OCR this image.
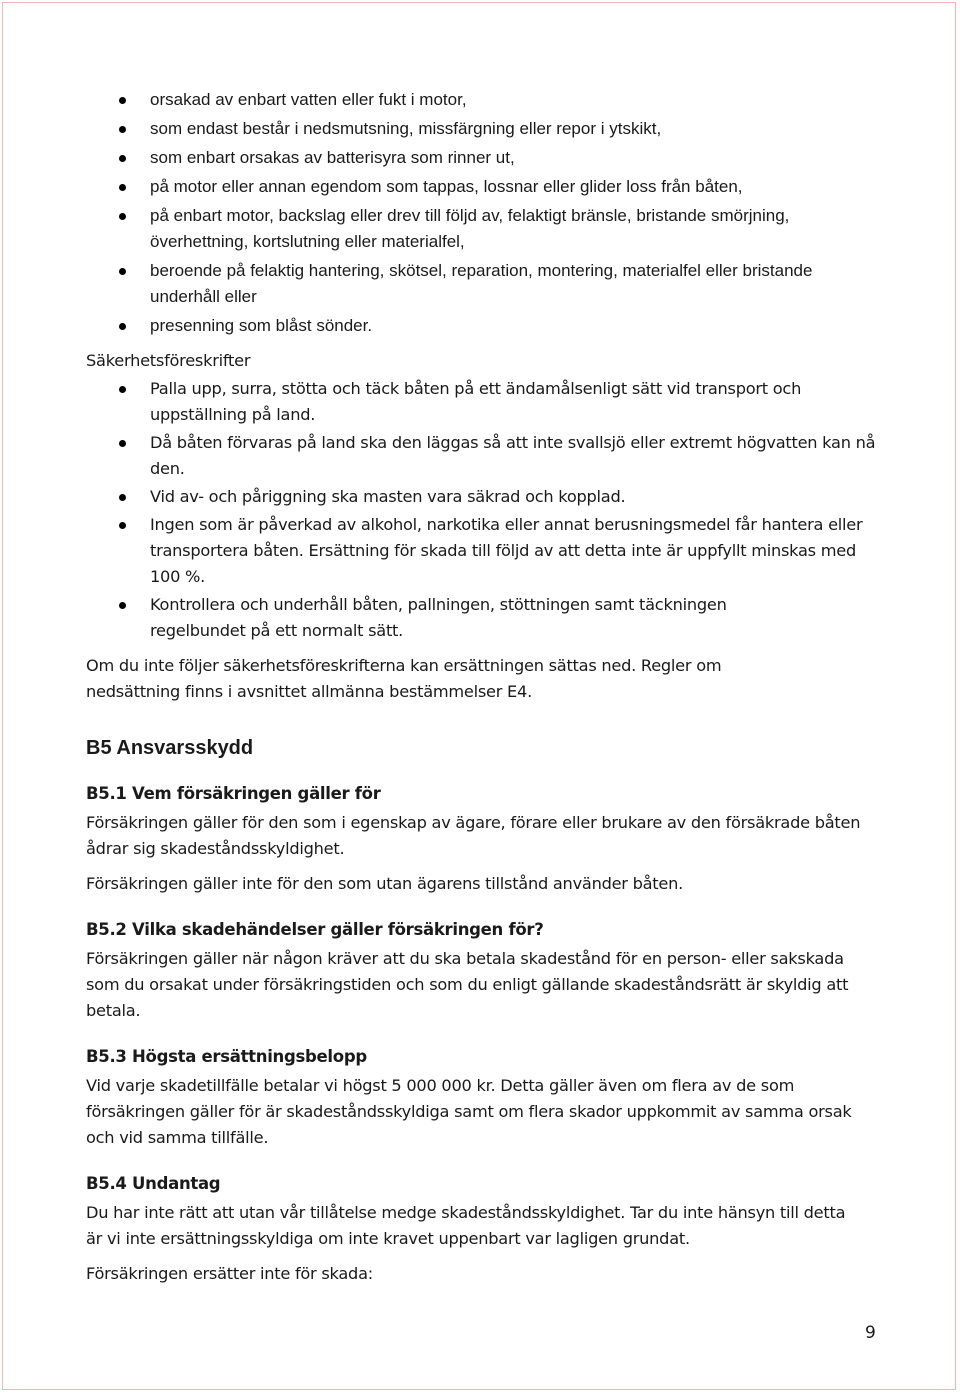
orsakad av enbart vatten eller fukt i motor,
som endast består i nedsmutsning, missfärgning eller repor i ytskikt,
som enbart orsakas av batterisyra som rinner ut,
på motor eller annan egendom som tappas, lossnar eller glider loss från båten,
på enbart motor, backslag eller drev till följd av, felaktigt bränsle, bristande smörjning, överhettning, kortslutning eller materialfel,
beroende på felaktig hantering, skötsel, reparation, montering, materialfel eller bristande underhåll eller
presenning som blåst sönder.

Säkerhetsföreskrifter

Palla upp, surra, stötta och täck båten på ett ändamålsenligt sätt vid transport och uppställning på land.
Då båten förvaras på land ska den läggas så att inte svallsjö eller extremt högvatten kan nå den.
Vid av- och påriggning ska masten vara säkrad och kopplad.
Ingen som är påverkad av alkohol, narkotika eller annat berusningsmedel får hantera eller transportera båten. Ersättning för skada till följd av att detta inte är uppfyllt minskas med 100 %.
Kontrollera och underhåll båten, pallningen, stöttningen samt täckningen regelbundet på ett normalt sätt.

Om du inte följer säkerhetsföreskrifterna kan ersättningen sättas ned. Regler om nedsättning finns i avsnittet allmänna bestämmelser E4.

B5 Ansvarsskydd

B5.1 Vem försäkringen gäller för

Försäkringen gäller för den som i egenskap av ägare, förare eller brukare av den försäkrade båten ådrar sig skadeståndsskyldighet.

Försäkringen gäller inte för den som utan ägarens tillstånd använder båten.

B5.2 Vilka skadehändelser gäller försäkringen för?

Försäkringen gäller när någon kräver att du ska betala skadestånd för en person- eller sakskada som du orsakat under försäkringstiden och som du enligt gällande skadeståndsrätt är skyldig att betala.

B5.3 Högsta ersättningsbelopp

Vid varje skadetillfälle betalar vi högst 5 000 000 kr. Detta gäller även om flera av de som försäkringen gäller för är skadeståndsskyldiga samt om flera skador uppkommit av samma orsak och vid samma tillfälle.

B5.4 Undantag

Du har inte rätt att utan vår tillåtelse medge skadeståndsskyldighet. Tar du inte hänsyn till detta är vi inte ersättningsskyldiga om inte kravet uppenbart var lagligen grundat.

Försäkringen ersätter inte för skada:

9
